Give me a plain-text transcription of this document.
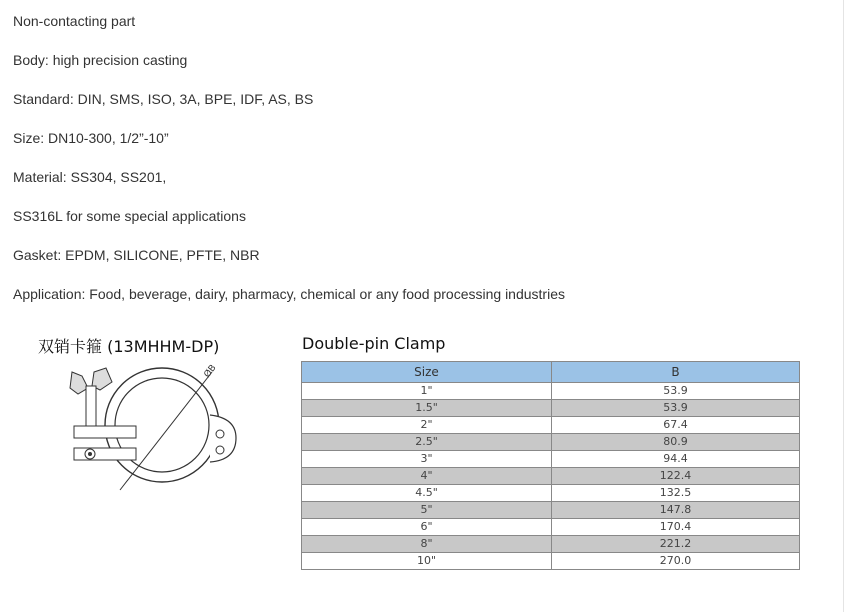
Non-contacting part

Body: high precision casting

Standard: DIN, SMS, ISO, 3A, BPE, IDF, AS, BS

Size: DN10-300, 1/2”-10”

Material: SS304, SS201,

SS316L for some special applications

Gasket: EPDM, SILICONE, PFTE, NBR

Application: Food, beverage, dairy, pharmacy, chemical or any food processing industries

双销卡箍 (13MHHM-DP)	Double-pin Clamp
ØB	Size	B
1"	53.9
1.5"	53.9
2"	67.4
2.5"	80.9
3"	94.4
4"	122.4
4.5"	132.5
5"	147.8
6"	170.4
8"	221.2
10"	270.0
